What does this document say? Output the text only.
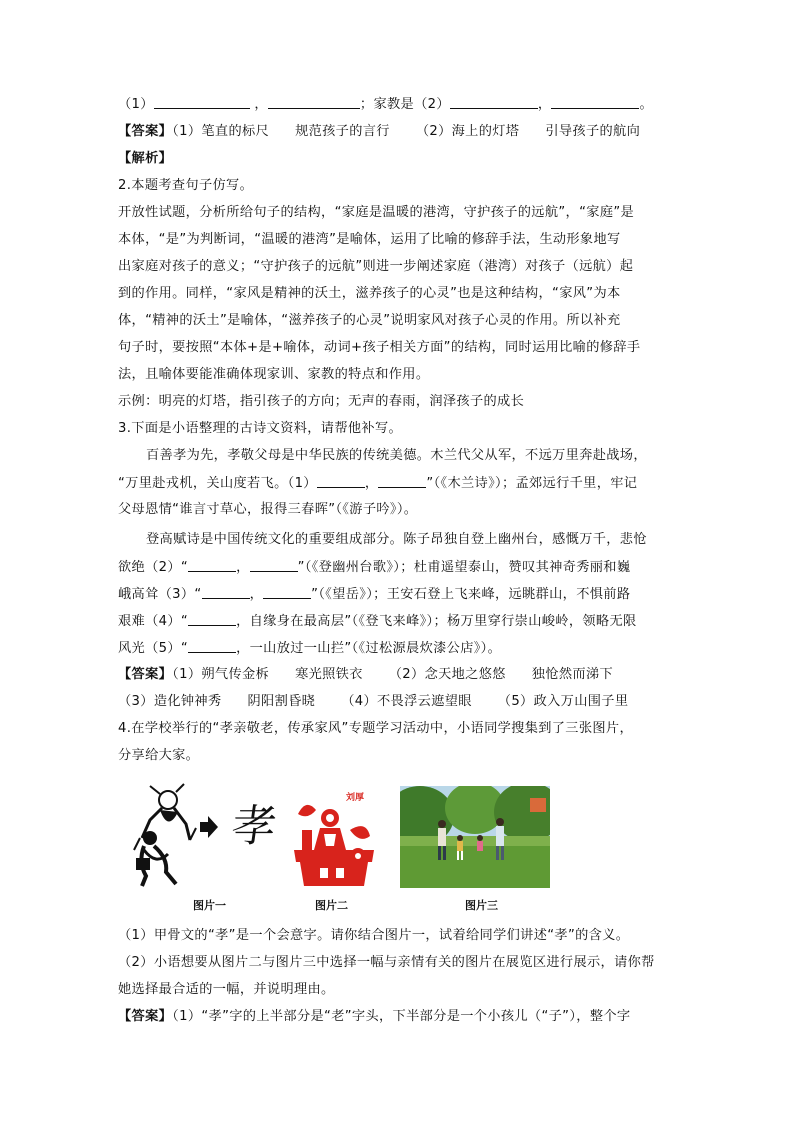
（1）	，	；家教是（2）	，	。
【答案】（1）笔直的标尺 规范孩子的言行 （2）海上的灯塔 引导孩子的航向
【解析】
2.本题考查句子仿写。
开放性试题，分析所给句子的结构，“家庭是温暖的港湾，守护孩子的远航”，“家庭”是
本体，“是”为判断词，“温暖的港湾”是喻体，运用了比喻的修辞手法，生动形象地写
出家庭对孩子的意义；“守护孩子的远航”则进一步阐述家庭（港湾）对孩子（远航）起
到的作用。同样，“家风是精神的沃土，滋养孩子的心灵”也是这种结构，“家风”为本
体，“精神的沃土”是喻体，“滋养孩子的心灵”说明家风对孩子心灵的作用。所以补充
句子时，要按照“本体+是+喻体，动词+孩子相关方面”的结构，同时运用比喻的修辞手
法，且喻体要能准确体现家训、家教的特点和作用。
示例：明亮的灯塔，指引孩子的方向；无声的春雨，润泽孩子的成长
3.下面是小语整理的古诗文资料，请帮他补写。
百善孝为先，孝敬父母是中华民族的传统美德。木兰代父从军，不远万里奔赴战场，
“万里赴戎机，关山度若飞。（1）	，	”（《木兰诗》）；孟郊远行千里，牢记
父母恩情“谁言寸草心，报得三春晖”（《游子吟》）。
登高赋诗是中国传统文化的重要组成部分。陈子昂独自登上幽州台，感慨万千，悲怆
欲绝（2）“	，	”（《登幽州台歌》）；杜甫遥望泰山，赞叹其神奇秀丽和巍
峨高耸（3）“	，	”（《望岳》）；王安石登上飞来峰，远眺群山，不惧前路
艰难（4）“	，自缘身在最高层”（《登飞来峰》）；杨万里穿行崇山峻岭，领略无限
风光（5）“	，一山放过一山拦”（《过松源晨炊漆公店》）。
【答案】（1）朔气传金柝 寒光照铁衣 （2）念天地之悠悠 独怆然而涕下
（3）造化钟神秀 阴阳割昏晓 （4）不畏浮云遮望眼 （5）政入万山围子里
4.在学校举行的“孝亲敬老，传承家风”专题学习活动中，小语同学搜集到了三张图片，
分享给大家。
孝
刘厚
图片一	图片二	图片三
（1）甲骨文的“孝”是一个会意字。请你结合图片一，试着给同学们讲述“孝”的含义。
（2）小语想要从图片二与图片三中选择一幅与亲情有关的图片在展览区进行展示，请你帮
她选择最合适的一幅，并说明理由。
【答案】（1）“孝”字的上半部分是“老”字头，下半部分是一个小孩儿（“子”），整个字
